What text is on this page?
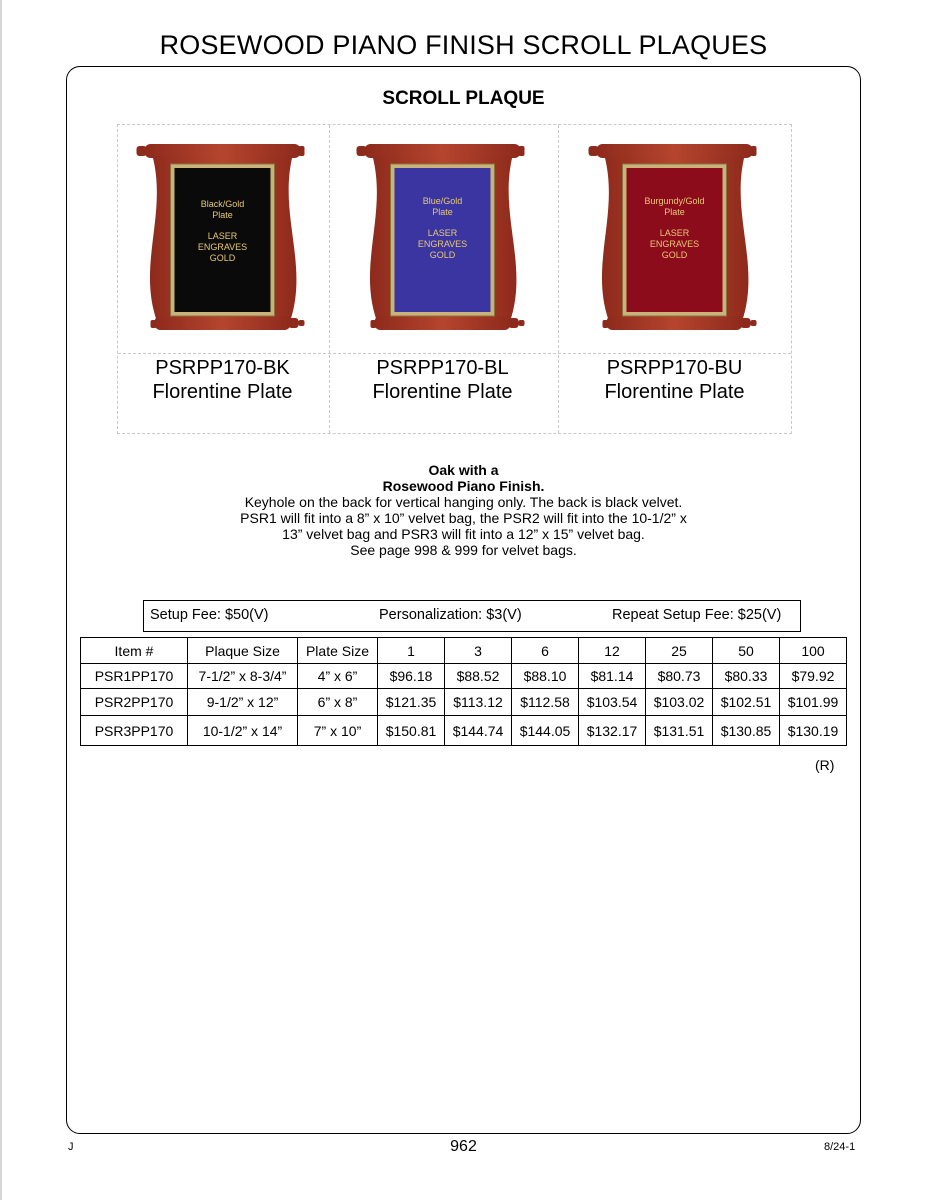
ROSEWOOD PIANO FINISH SCROLL PLAQUES
SCROLL PLAQUE
Black/Gold
Plate
LASER
ENGRAVES
GOLD
PSRPP170-BK
Florentine Plate
Blue/Gold
Plate
LASER
ENGRAVES
GOLD
PSRPP170-BL
Florentine Plate
Burgundy/Gold
Plate
LASER
ENGRAVES
GOLD
PSRPP170-BU
Florentine Plate
Oak with a
Rosewood Piano Finish.
Keyhole on the back for vertical hanging only. The back is black velvet.
PSR1 will fit into a 8” x 10” velvet bag, the PSR2 will fit into the 10-1/2” x
13” velvet bag and PSR3 will fit into a 12” x 15” velvet bag.
See page 998 & 999 for velvet bags.
Setup Fee: $50(V)	Personalization: $3(V)	Repeat Setup Fee: $25(V)
Item #	Plaque Size	Plate Size	1	3	6	12	25	50	100
PSR1PP170	7-1/2” x 8-3/4”	4” x 6”	$96.18	$88.52	$88.10	$81.14	$80.73	$80.33	$79.92
PSR2PP170	9-1/2” x 12”	6” x 8”	$121.35	$113.12	$112.58	$103.54	$103.02	$102.51	$101.99
PSR3PP170	10-1/2” x 14”	7” x 10”	$150.81	$144.74	$144.05	$132.17	$131.51	$130.85	$130.19
(R)
J	962	8/24-1
